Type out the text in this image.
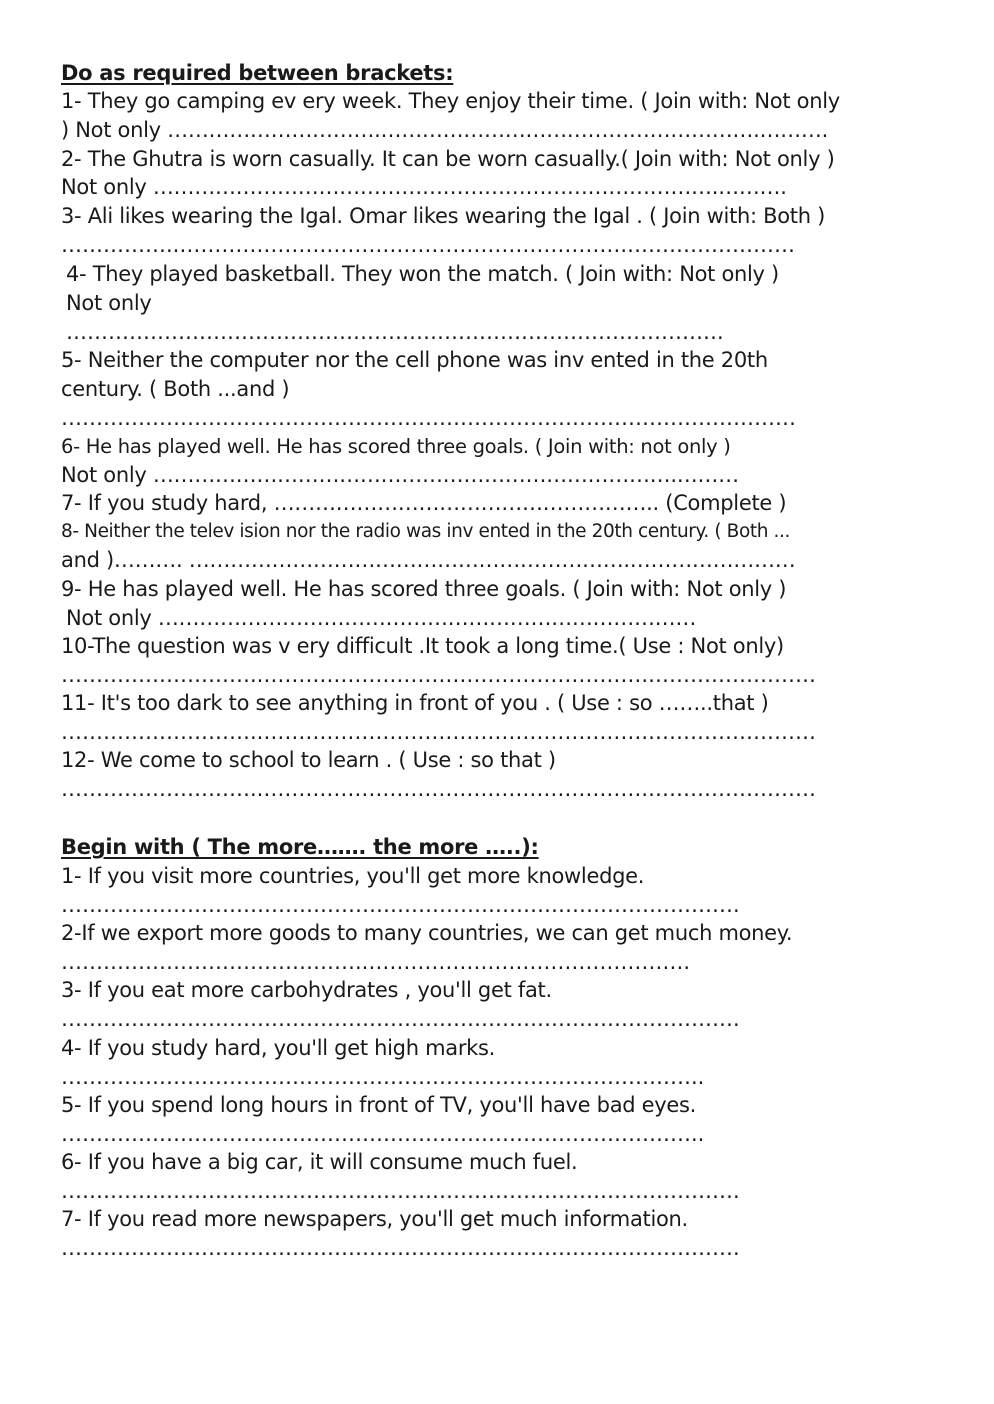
Do as required between brackets:

1- They go camping ev ery week. They enjoy their time. ( Join with: Not only

) Not only ………………………….……………………………………………….……….

2- The Ghutra is worn casually. It can be worn casually.( Join with: Not only )

Not only ……………………………………………………………………….……….

3- Ali likes wearing the Igal. Omar likes wearing the Igal . ( Join with: Both )

……………..……………………………………………………….……………………

4- They played basketball. They won the match. ( Join with: Not only )

Not only

………………………………………………………………………………….

5- Neither the computer nor the cell phone was inv ented in the 20th

century. ( Both ...and )

……………………………………………………………………………………………

6- He has played well. He has scored three goals. ( Join with: not only )

Not only ………………………………………………………………….………

7- If you study hard, ……………………………………………….. (Complete )

8- Neither the telev ision nor the radio was inv ented in the 20th century. ( Both ...

and )………. ……………………………………………………….……………………

9- He has played well. He has scored three goals. ( Join with: Not only )

Not only ……………………………………………………………………

10-The question was v ery difficult .It took a long time.( Use : Not only)

………………………..……………………………………………….……………………

11- It's too dark to see anything in front of you . ( Use : so ……..that )

………………………..……………………………………………….……………………

12- We come to school to learn . ( Use : so that )

………………………..……………………………………………….……………………

Begin with ( The more……. the more …..):

1- If you visit more countries, you'll get more knowledge.

…………………………………………………………………………………….

2-If we export more goods to many countries, we can get much money.

……………………………………..……………………………………….

3- If you eat more carbohydrates , you'll get fat.

…………………………………………………………………………………….

4- If you study hard, you'll get high marks.

………………………………………………………………………………..

5- If you spend long hours in front of TV, you'll have bad eyes.

………………………………………………………………………………..

6- If you have a big car, it will consume much fuel.

…………………………………………………………………………………….

7- If you read more newspapers, you'll get much information.

…………………………………………………………………………………….
